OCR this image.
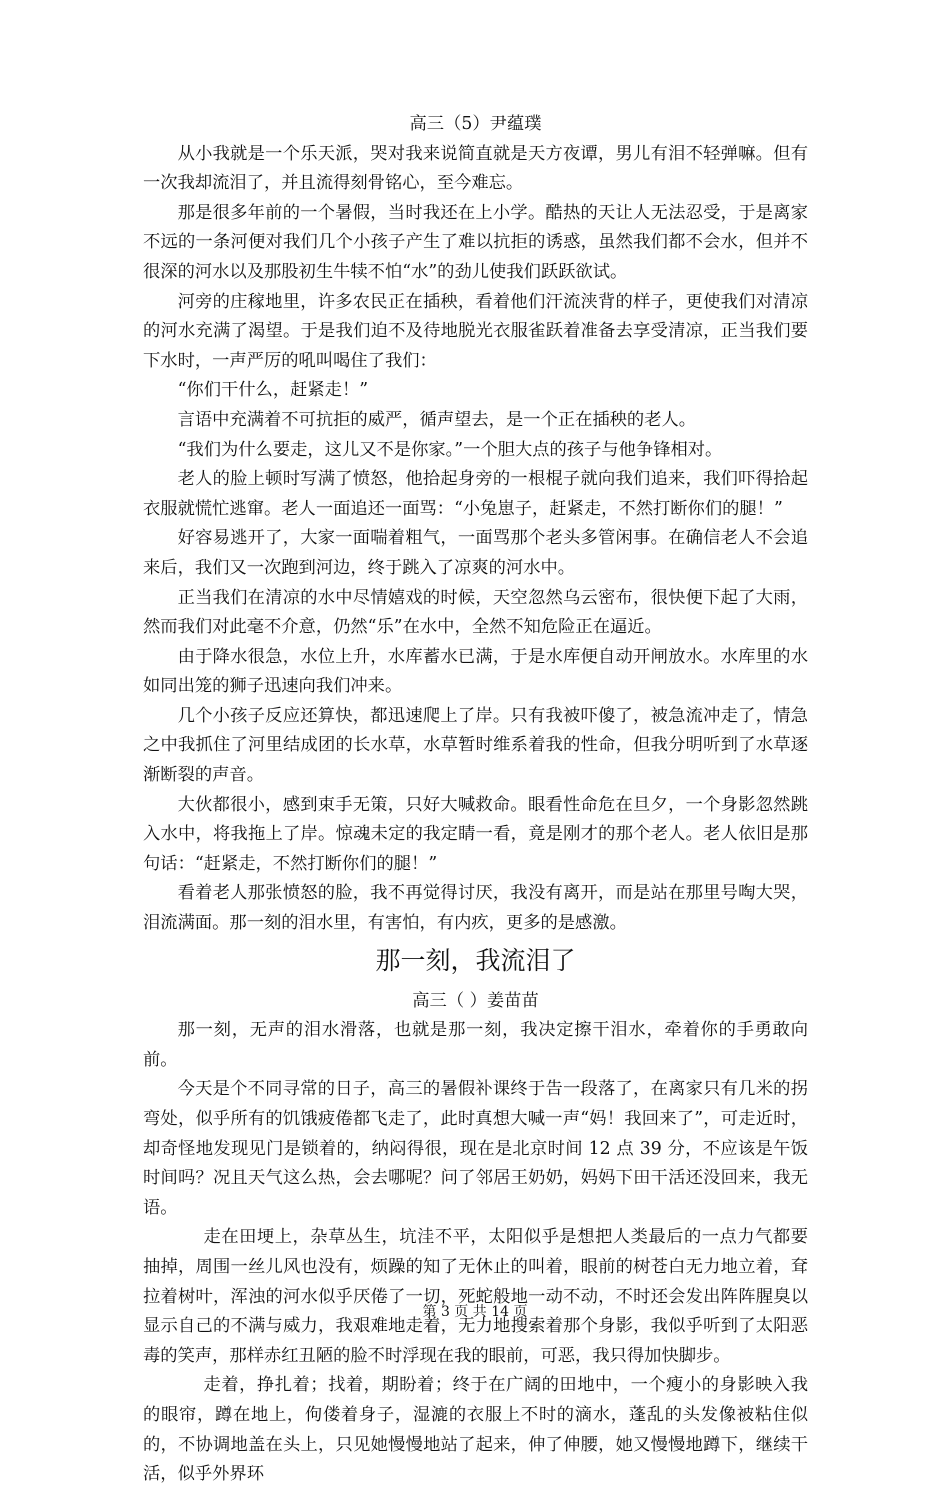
高三（5）尹蕴璞

从小我就是一个乐天派，哭对我来说简直就是天方夜谭，男儿有泪不轻弹嘛。但有一次我却流泪了，并且流得刻骨铭心，至今难忘。

那是很多年前的一个暑假，当时我还在上小学。酷热的天让人无法忍受，于是离家不远的一条河便对我们几个小孩子产生了难以抗拒的诱惑，虽然我们都不会水，但并不很深的河水以及那股初生牛犊不怕“水”的劲儿使我们跃跃欲试。

河旁的庄稼地里，许多农民正在插秧，看着他们汗流浃背的样子，更使我们对清凉的河水充满了渴望。于是我们迫不及待地脱光衣服雀跃着准备去享受清凉，正当我们要下水时，一声严厉的吼叫喝住了我们：

“你们干什么，赶紧走！”

言语中充满着不可抗拒的威严，循声望去，是一个正在插秧的老人。

“我们为什么要走，这儿又不是你家。”一个胆大点的孩子与他争锋相对。

老人的脸上顿时写满了愤怒，他拾起身旁的一根棍子就向我们追来，我们吓得拾起衣服就慌忙逃窜。老人一面追还一面骂：“小兔崽子，赶紧走，不然打断你们的腿！”

好容易逃开了，大家一面喘着粗气，一面骂那个老头多管闲事。在确信老人不会追来后，我们又一次跑到河边，终于跳入了凉爽的河水中。

正当我们在清凉的水中尽情嬉戏的时候，天空忽然乌云密布，很快便下起了大雨，然而我们对此毫不介意，仍然“乐”在水中，全然不知危险正在逼近。

由于降水很急，水位上升，水库蓄水已满，于是水库便自动开闸放水。水库里的水如同出笼的狮子迅速向我们冲来。

几个小孩子反应还算快，都迅速爬上了岸。只有我被吓傻了，被急流冲走了，情急之中我抓住了河里结成团的长水草，水草暂时维系着我的性命，但我分明听到了水草逐渐断裂的声音。

大伙都很小，感到束手无策，只好大喊救命。眼看性命危在旦夕，一个身影忽然跳入水中，将我拖上了岸。惊魂未定的我定睛一看，竟是刚才的那个老人。老人依旧是那句话：“赶紧走，不然打断你们的腿！”

看着老人那张愤怒的脸，我不再觉得讨厌，我没有离开，而是站在那里号啕大哭，泪流满面。那一刻的泪水里，有害怕，有内疚，更多的是感激。

那一刻，我流泪了

高三（ ）姜苗苗

那一刻，无声的泪水滑落，也就是那一刻，我决定擦干泪水，牵着你的手勇敢向前。

今天是个不同寻常的日子，高三的暑假补课终于告一段落了，在离家只有几米的拐弯处，似乎所有的饥饿疲倦都飞走了，此时真想大喊一声“妈！我回来了”，可走近时，却奇怪地发现见门是锁着的，纳闷得很，现在是北京时间 12 点 39 分，不应该是午饭时间吗？况且天气这么热，会去哪呢？问了邻居王奶奶，妈妈下田干活还没回来，我无语。

走在田埂上，杂草丛生，坑洼不平，太阳似乎是想把人类最后的一点力气都要抽掉，周围一丝儿风也没有，烦躁的知了无休止的叫着，眼前的树苍白无力地立着，耷拉着树叶，浑浊的河水似乎厌倦了一切，死蛇般地一动不动，不时还会发出阵阵腥臭以显示自己的不满与威力，我艰难地走着，无力地搜索着那个身影，我似乎听到了太阳恶毒的笑声，那样赤红丑陋的脸不时浮现在我的眼前，可恶，我只得加快脚步。

走着，挣扎着；找着，期盼着；终于在广阔的田地中，一个瘦小的身影映入我的眼帘，蹲在地上，佝偻着身子，湿漉的衣服上不时的滴水，蓬乱的头发像被粘住似的，不协调地盖在头上，只见她慢慢地站了起来，伸了伸腰，她又慢慢地蹲下，继续干活，似乎外界环

第 3 页 共 14 页
